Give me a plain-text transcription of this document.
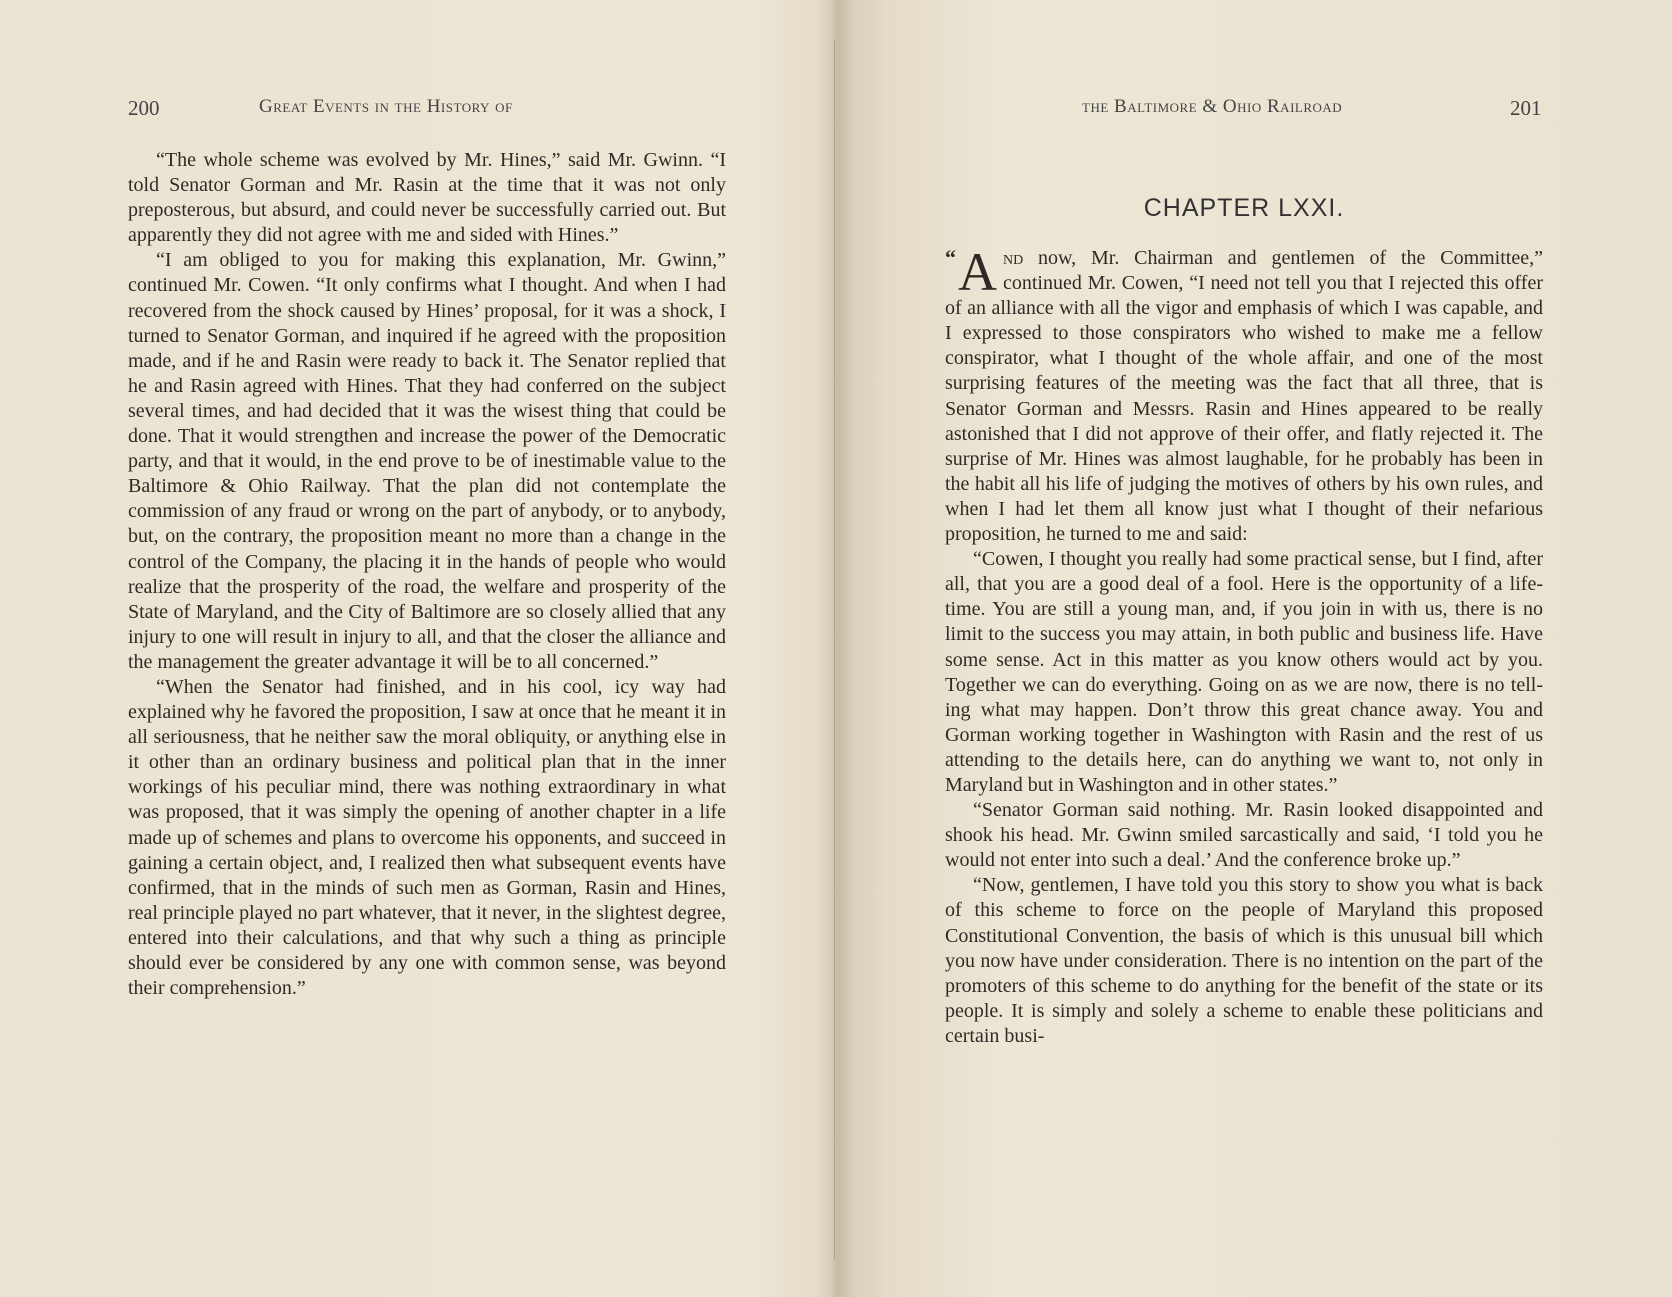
200	Great Events in the History of

“The whole scheme was evolved by Mr. Hines,” said Mr. Gwinn. “I told Senator Gorman and Mr. Rasin at the time that it was not only preposterous, but absurd, and could never be successfully carried out. But apparently they did not agree with me and sided with Hines.”

“I am obliged to you for making this explanation, Mr. Gwinn,” continued Mr. Cowen. “It only confirms what I thought. And when I had recovered from the shock caused by Hines’ proposal, for it was a shock, I turned to Senator Gorman, and inquired if he agreed with the proposition made, and if he and Rasin were ready to back it. The Senator replied that he and Rasin agreed with Hines. That they had conferred on the subject several times, and had decided that it was the wisest thing that could be done. That it would strengthen and increase the power of the Democratic party, and that it would, in the end prove to be of inestimable value to the Baltimore & Ohio Railway. That the plan did not contemplate the commission of any fraud or wrong on the part of anybody, or to anybody, but, on the contrary, the proposition meant no more than a change in the control of the Company, the placing it in the hands of people who would realize that the prosperity of the road, the welfare and prosperity of the State of Maryland, and the City of Baltimore are so closely allied that any injury to one will result in injury to all, and that the closer the alliance and the management the greater advantage it will be to all concerned.”

“When the Senator had finished, and in his cool, icy way had explained why he favored the proposition, I saw at once that he meant it in all seriousness, that he neither saw the moral obliquity, or anything else in it other than an ordinary business and political plan that in the inner workings of his peculiar mind, there was nothing extraordinary in what was proposed, that it was simply the opening of another chapter in a life made up of schemes and plans to overcome his opponents, and succeed in gaining a certain object, and, I realized then what subsequent events have confirmed, that in the minds of such men as Gorman, Rasin and Hines, real principle played no part whatever, that it never, in the slightest degree, entered into their calculations, and that why such a thing as principle should ever be considered by any one with common sense, was beyond their comprehension.”

the Baltimore & Ohio Railroad	201
CHAPTER LXXI.

“ A nd now, Mr. Chairman and gentlemen of the Committee,” continued Mr. Cowen, “I need not tell you that I rejected this offer of an alliance with all the vigor and emphasis of which I was capable, and I expressed to those conspirators who wished to make me a fellow conspirator, what I thought of the whole affair, and one of the most surprising features of the meeting was the fact that all three, that is Senator Gorman and Messrs. Rasin and Hines appeared to be really astonished that I did not approve of their offer, and flatly rejected it. The surprise of Mr. Hines was almost laughable, for he probably has been in the habit all his life of judging the motives of others by his own rules, and when I had let them all know just what I thought of their nefarious proposition, he turned to me and said:

“Cowen, I thought you really had some practical sense, but I find, after all, that you are a good deal of a fool. Here is the opportunity of a life-time. You are still a young man, and, if you join in with us, there is no limit to the success you may attain, in both public and business life. Have some sense. Act in this matter as you know others would act by you. Together we can do everything. Going on as we are now, there is no telling what may happen. Don’t throw this great chance away. You and Gorman working together in Washington with Rasin and the rest of us attending to the details here, can do anything we want to, not only in Maryland but in Washington and in other states.”

“Senator Gorman said nothing. Mr. Rasin looked disappointed and shook his head. Mr. Gwinn smiled sarcastically and said, ‘I told you he would not enter into such a deal.’ And the conference broke up.”

“Now, gentlemen, I have told you this story to show you what is back of this scheme to force on the people of Maryland this proposed Constitutional Convention, the basis of which is this unusual bill which you now have under consideration. There is no intention on the part of the promoters of this scheme to do anything for the benefit of the state or its people. It is simply and solely a scheme to enable these politicians and certain busi-
